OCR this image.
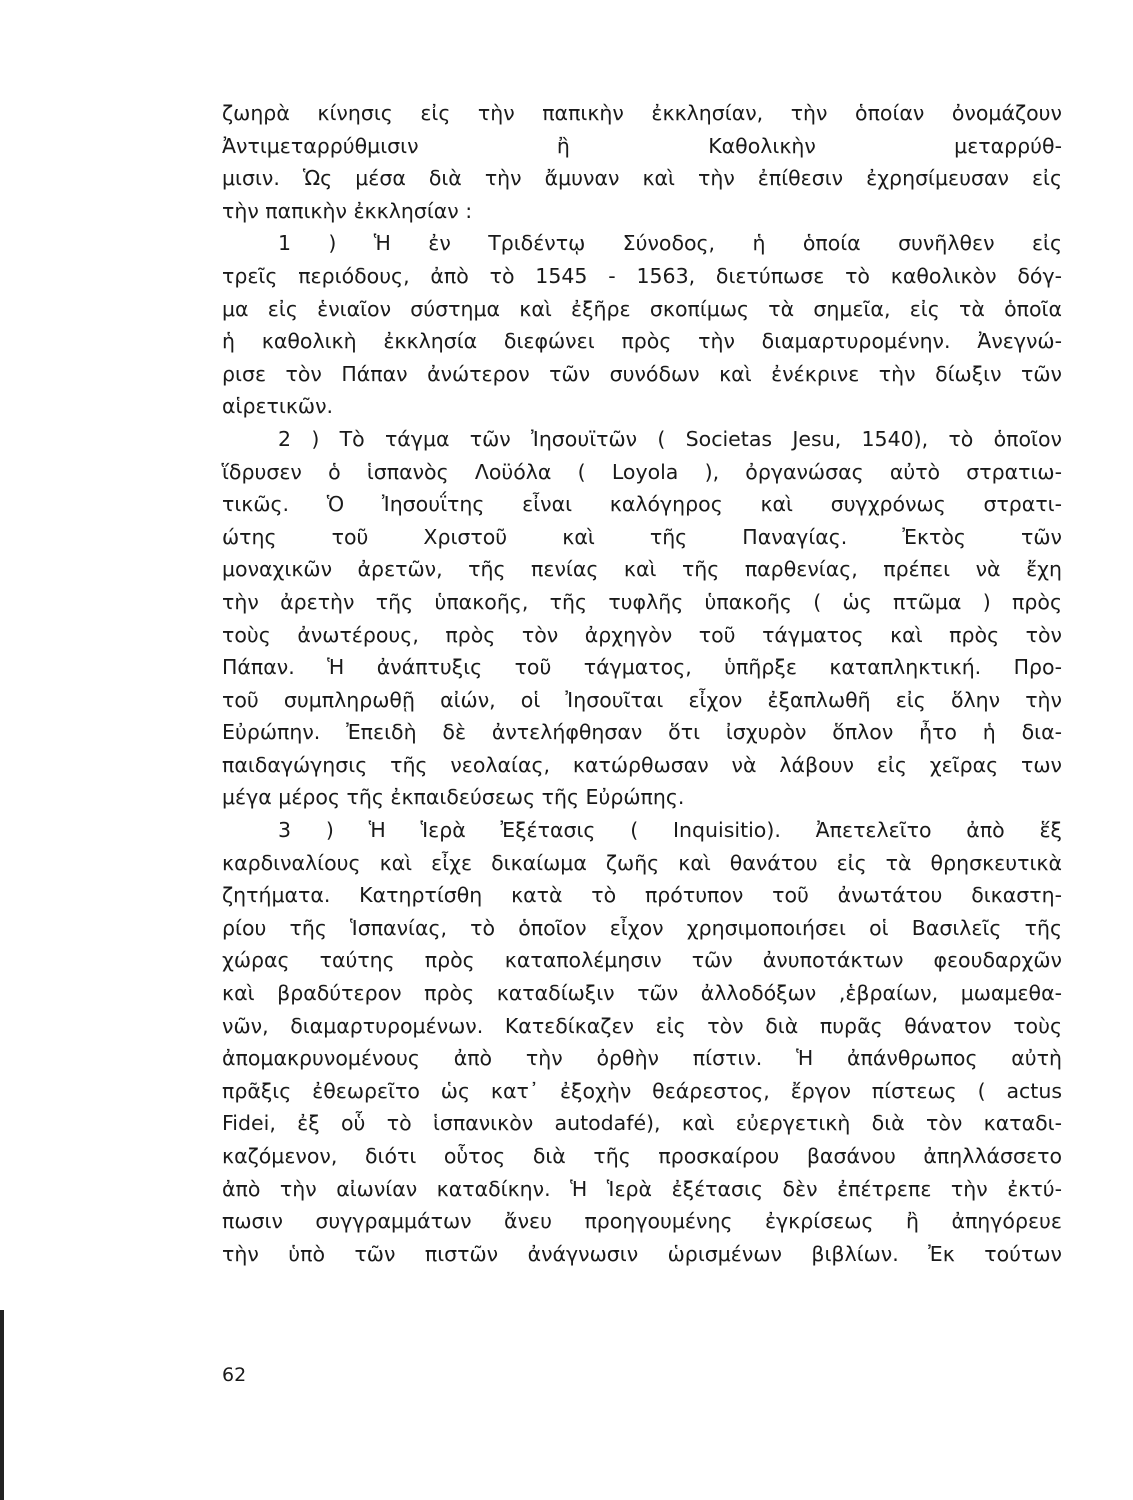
ζωηρὰ κίνησις εἰς τὴν παπικὴν ἐκκλησίαν, τὴν ὁποίαν ὀνομάζουν
Ἀντιμεταρρύθμισιν ἢ Καθολικὴν μεταρρύθ-
μισιν. Ὡς μέσα διὰ τὴν ἄμυναν καὶ τὴν ἐπίθεσιν ἐχρησίμευσαν εἰς
τὴν παπικὴν ἐκκλησίαν :
1 ) Ἡ ἐν Τριδέντῳ Σύνοδος, ἡ ὁποία συνῆλθεν εἰς
τρεῖς περιόδους, ἀπὸ τὸ 1545 - 1563, διετύπωσε τὸ καθολικὸν δόγ-
μα εἰς ἑνιαῖον σύστημα καὶ ἐξῆρε σκοπίμως τὰ σημεῖα, εἰς τὰ ὁποῖα
ἡ καθολικὴ ἐκκλησία διεφώνει πρὸς τὴν διαμαρτυρομένην. Ἀνεγνώ-
ρισε τὸν Πάπαν ἀνώτερον τῶν συνόδων καὶ ἐνέκρινε τὴν δίωξιν τῶν
αἱρετικῶν.
2 ) Τὸ τάγμα τῶν Ἰησουϊτῶν ( Societas Jesu, 1540), τὸ ὁποῖον
ἵδρυσεν ὁ ἱσπανὸς Λοϋόλα ( Loyola ), ὀργανώσας αὐτὸ στρατιω-
τικῶς. Ὁ Ἰησουΐτης εἶναι καλόγηρος καὶ συγχρόνως στρατι-
ώτης τοῦ Χριστοῦ καὶ τῆς Παναγίας. Ἐκτὸς τῶν
μοναχικῶν ἀρετῶν, τῆς πενίας καὶ τῆς παρθενίας, πρέπει νὰ ἔχη
τὴν ἀρετὴν τῆς ὑπακοῆς, τῆς τυφλῆς ὑπακοῆς ( ὡς πτῶμα ) πρὸς
τοὺς ἀνωτέρους, πρὸς τὸν ἀρχηγὸν τοῦ τάγματος καὶ πρὸς τὸν
Πάπαν. Ἡ ἀνάπτυξις τοῦ τάγματος, ὑπῆρξε καταπληκτική. Προ-
τοῦ συμπληρωθῇ αἰών, οἱ Ἰησουῖται εἶχον ἐξαπλωθῆ εἰς ὅλην τὴν
Εὐρώπην. Ἐπειδὴ δὲ ἀντελήφθησαν ὅτι ἰσχυρὸν ὅπλον ἦτο ἡ δια-
παιδαγώγησις τῆς νεολαίας, κατώρθωσαν νὰ λάβουν εἰς χεῖρας των
μέγα μέρος τῆς ἐκπαιδεύσεως τῆς Εὐρώπης.
3 ) Ἡ Ἱερὰ Ἐξέτασις ( Inquisitio). Ἀπετελεῖτο ἀπὸ ἕξ
καρδιναλίους καὶ εἶχε δικαίωμα ζωῆς καὶ θανάτου εἰς τὰ θρησκευτικὰ
ζητήματα. Κατηρτίσθη κατὰ τὸ πρότυπον τοῦ ἀνωτάτου δικαστη-
ρίου τῆς Ἱσπανίας, τὸ ὁποῖον εἶχον χρησιμοποιήσει οἱ Βασιλεῖς τῆς
χώρας ταύτης πρὸς καταπολέμησιν τῶν ἀνυποτάκτων φεουδαρχῶν
καὶ βραδύτερον πρὸς καταδίωξιν τῶν ἀλλοδόξων ,ἑβραίων, μωαμεθα-
νῶν, διαμαρτυρομένων. Κατεδίκαζεν εἰς τὸν διὰ πυρᾶς θάνατον τοὺς
ἀπομακρυνομένους ἀπὸ τὴν ὀρθὴν πίστιν. Ἡ ἀπάνθρωπος αὐτὴ
πρᾶξις ἐθεωρεῖτο ὡς κατ᾽ ἐξοχὴν θεάρεστος, ἔργον πίστεως ( actus
Fidei, ἐξ οὗ τὸ ἱσπανικὸν autodafé), καὶ εὐεργετικὴ διὰ τὸν καταδι-
καζόμενον, διότι οὗτος διὰ τῆς προσκαίρου βασάνου ἀπηλλάσσετο
ἀπὸ τὴν αἰωνίαν καταδίκην. Ἡ Ἱερὰ ἐξέτασις δὲν ἐπέτρεπε τὴν ἐκτύ-
πωσιν συγγραμμάτων ἄνευ προηγουμένης ἐγκρίσεως ἢ ἀπηγόρευε
τὴν ὑπὸ τῶν πιστῶν ἀνάγνωσιν ὡρισμένων βιβλίων. Ἐκ τούτων
62
